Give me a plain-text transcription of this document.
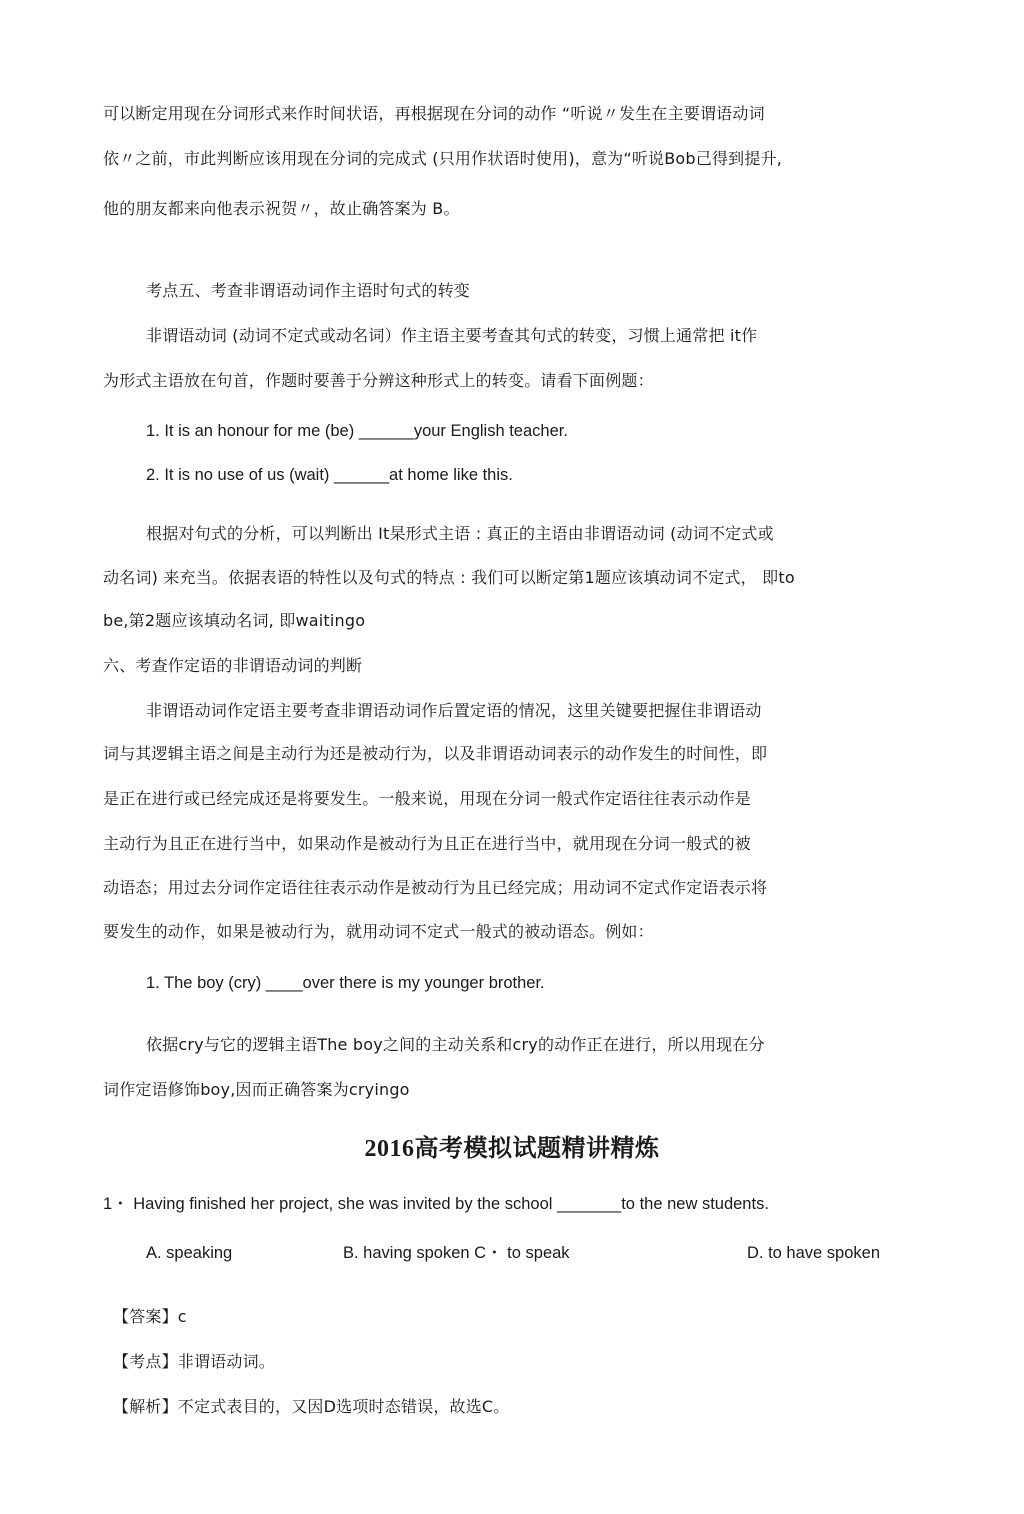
可以断定用现在分词形式来作时间状语，再根据现在分词的动作 “听说〃发生在主要谓语动词
依〃之前，市此判断应该用现在分词的完成式 (只用作状语时使用)，意为“听说Bob己得到提升,
他的朋友都来向他表示祝贺〃，故止确答案为 B。
考点五、考查非谓语动词作主语时句式的转变
非谓语动词 (动词不定式或动名词）作主语主要考查其句式的转变，习惯上通常把 it作
为形式主语放在句首，作题时要善于分辨这种形式上的转变。请看下面例题：
1. It is an honour for me (be) ______your English teacher.
2. It is no use of us (wait) ______at home like this.
根据对句式的分析，可以判断出 It杲形式主语 : 真正的主语由非谓语动词 (动词不定式或
动名词) 来充当。依据表语的特性以及句式的特点 : 我们可以断定第1题应该填动词不定式， 即to
be,第2题应该填动名词, 即waitingo
六、考查作定语的非谓语动词的判断
非谓语动词作定语主要考查非谓语动词作后置定语的情况，这里关键要把握住非谓语动
词与其逻辑主语之间是主动行为还是被动行为，以及非谓语动词表示的动作发生的时间性，即
是正在进行或已经完成还是将要发生。一般来说，用现在分词一般式作定语往往表示动作是
主动行为且正在进行当中，如果动作是被动行为且正在进行当中，就用现在分词一般式的被
动语态；用过去分词作定语往往表示动作是被动行为且已经完成；用动词不定式作定语表示将
要发生的动作，如果是被动行为，就用动词不定式一般式的被动语态。例如：
1. The boy (cry) ____over there is my younger brother.
依据cry与它的逻辑主语The boy之间的主动关系和cry的动作正在进行，所以用现在分
词作定语修饰boy,因而正确答案为cryingo
2016高考模拟试题精讲精炼
1・ Having finished her project, she was invited by the school _______to the new students.
A. speaking	B. having spoken C・ to speak	D. to have spoken
【答案】c
【考点】非谓语动词。
【解析】不定式表目的，又因D选项时态错误，故选C。
